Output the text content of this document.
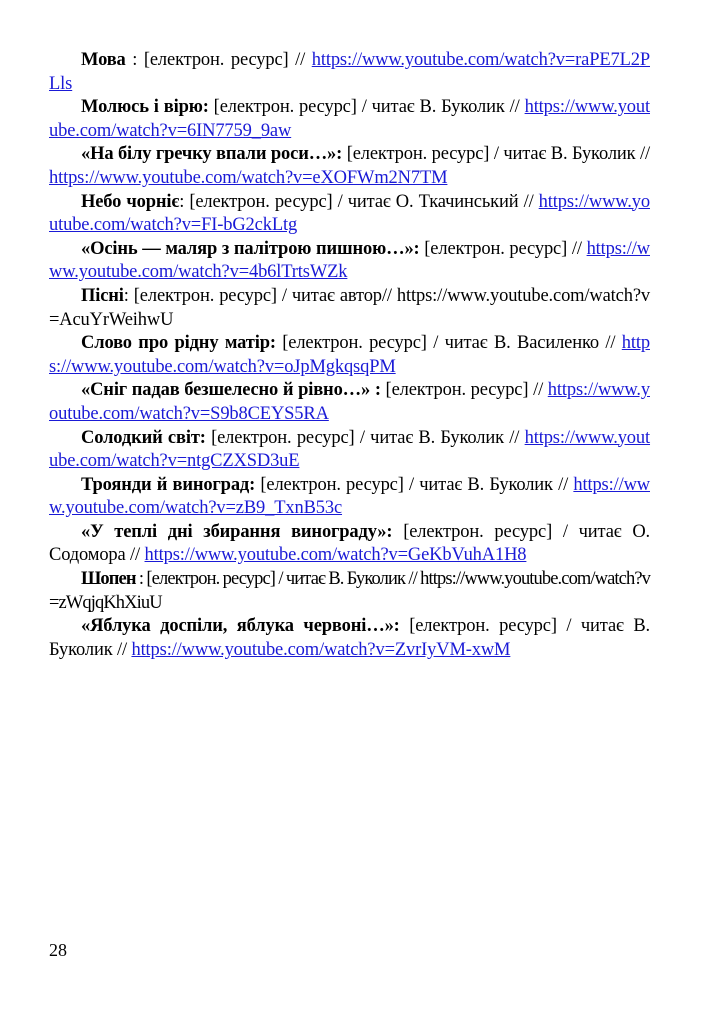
Мова : [електрон. ресурс] // https://www.youtube.com/watch?v=raPE7L2PLls

Молюсь і вірю: [електрон. ресурс] / читає В. Буколик // https://www.youtube.com/watch?v=6IN7759_9aw

«На білу гречку впали роси…»: [електрон. ресурс] / читає В. Буколик // https://www.youtube.com/watch?v=eXOFWm2N7TM

Небо чорніє: [електрон. ресурс] / читає О. Ткачинський // https://www.youtube.com/watch?v=FI-bG2ckLtg

«Осінь — маляр з палітрою пишною…»: [електрон. ресурс] // https://www.youtube.com/watch?v=4b6lTrtsWZk

Пісні: [електрон. ресурс] / читає автор// https://www.youtube.com/watch?v=AcuYrWeihwU

Слово про рідну матір: [електрон. ресурс] / читає В. Василенко // https://www.youtube.com/watch?v=oJpMgkqsqPM

«Сніг падав безшелесно й рівно…» : [електрон. ресурс] // https://www.youtube.com/watch?v=S9b8CEYS5RA

Солодкий світ: [електрон. ресурс] / читає В. Буколик // https://www.youtube.com/watch?v=ntgCZXSD3uE

Троянди й виноград: [електрон. ресурс] / читає В. Буколик // https://www.youtube.com/watch?v=zB9_TxnB53c

«У теплі дні збирання винограду»: [електрон. ресурс] / читає О. Содомора // https://www.youtube.com/watch?v=GeKbVuhA1H8

Шопен : [електрон. ресурс] / читає В. Буколик // https://www.youtube.com/watch?v=zWqjqKhXiuU

«Яблука доспіли, яблука червоні…»: [електрон. ресурс] / читає В. Буколик // https://www.youtube.com/watch?v=ZvrIyVM-xwM

28
